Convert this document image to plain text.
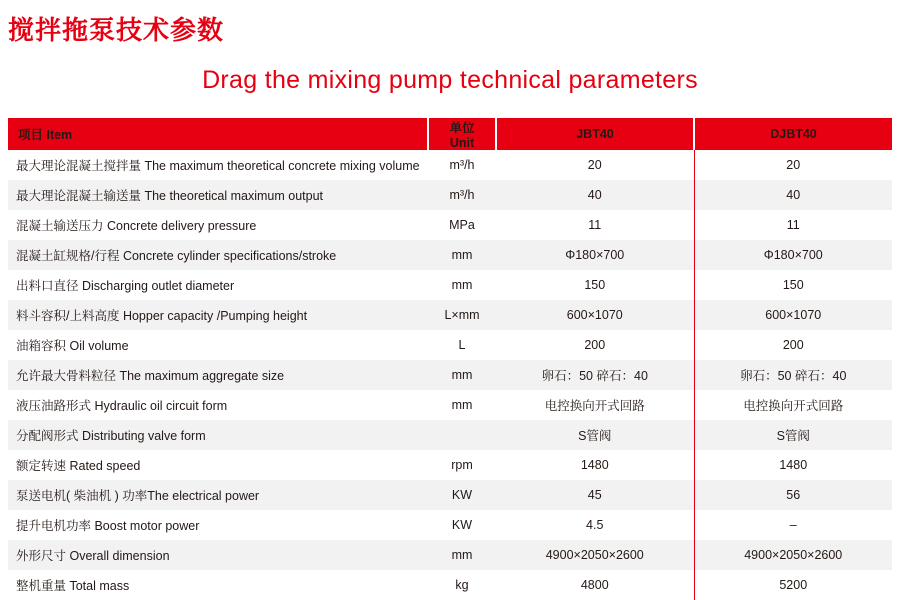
搅拌拖泵技术参数
Drag the mixing pump technical parameters
项目 Item	单位 Unit	JBT40	DJBT40
最大理论混凝土搅拌量 The maximum theoretical concrete mixing volume	m³/h	20	20
最大理论混凝土输送量 The theoretical maximum output	m³/h	40	40
混凝土输送压力 Concrete delivery pressure	MPa	11	11
混凝土缸规格/行程 Concrete cylinder specifications/stroke	mm	Φ180×700	Φ180×700
出料口直径 Discharging outlet diameter	mm	150	150
料斗容积/上料高度 Hopper capacity /Pumping height	L×mm	600×1070	600×1070
油箱容积 Oil volume	L	200	200
允许最大骨料粒径 The maximum aggregate size	mm	卵石：50 碎石：40	卵石：50 碎石：40
液压油路形式 Hydraulic oil circuit form	mm	电控换向开式回路	电控换向开式回路
分配阀形式 Distributing valve form		S管阀	S管阀
额定转速 Rated speed	rpm	1480	1480
泵送电机( 柴油机 ) 功率The electrical power	KW	45	56
提升电机功率 Boost motor power	KW	4.5	–
外形尺寸 Overall dimension	mm	4900×2050×2600	4900×2050×2600
整机重量 Total mass	kg	4800	5200
